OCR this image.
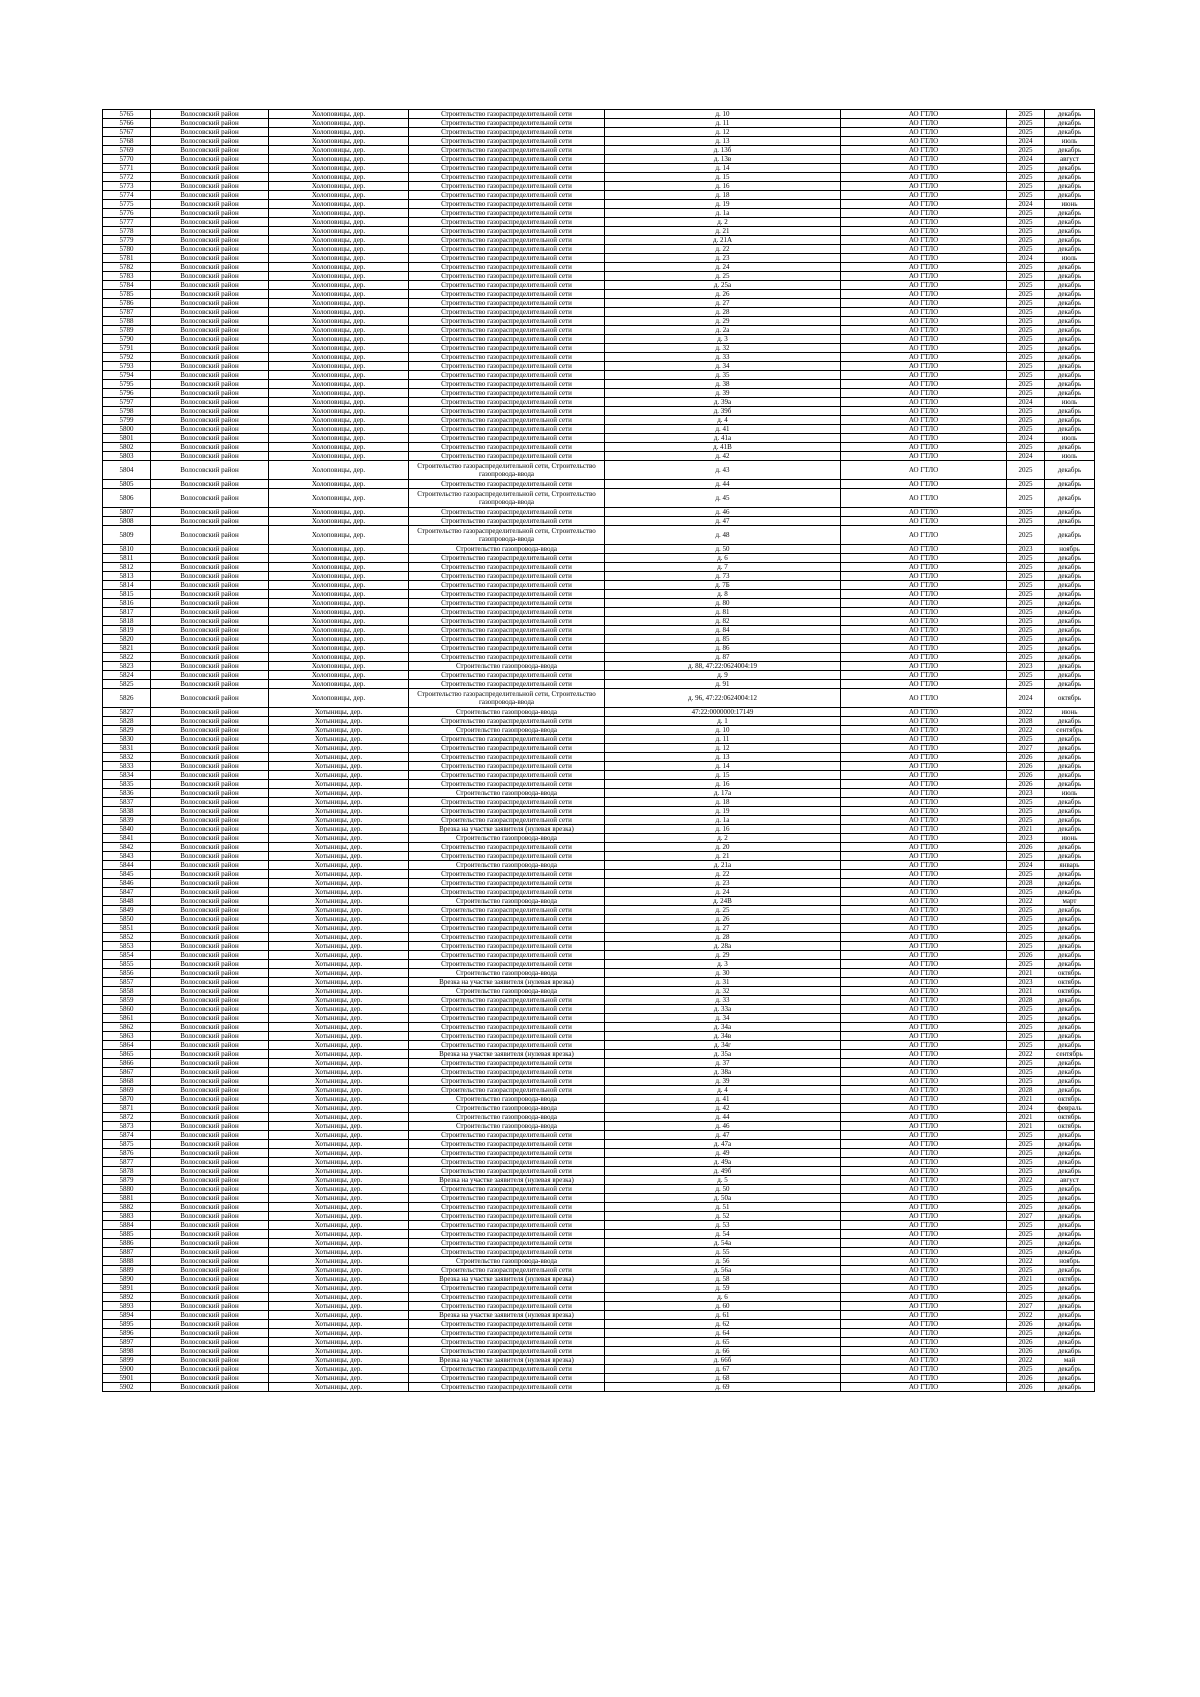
5765	Волосовский район	Холоповицы, дер.	Строительство газораспределительной сети	д. 10	АО ГТЛО	2025	декабрь
5766	Волосовский район	Холоповицы, дер.	Строительство газораспределительной сети	д. 11	АО ГТЛО	2025	декабрь
5767	Волосовский район	Холоповицы, дер.	Строительство газораспределительной сети	д. 12	АО ГТЛО	2025	декабрь
5768	Волосовский район	Холоповицы, дер.	Строительство газораспределительной сети	д. 13	АО ГТЛО	2024	июль
5769	Волосовский район	Холоповицы, дер.	Строительство газораспределительной сети	д. 13б	АО ГТЛО	2025	декабрь
5770	Волосовский район	Холоповицы, дер.	Строительство газораспределительной сети	д. 13в	АО ГТЛО	2024	август
5771	Волосовский район	Холоповицы, дер.	Строительство газораспределительной сети	д. 14	АО ГТЛО	2025	декабрь
5772	Волосовский район	Холоповицы, дер.	Строительство газораспределительной сети	д. 15	АО ГТЛО	2025	декабрь
5773	Волосовский район	Холоповицы, дер.	Строительство газораспределительной сети	д. 16	АО ГТЛО	2025	декабрь
5774	Волосовский район	Холоповицы, дер.	Строительство газораспределительной сети	д. 18	АО ГТЛО	2025	декабрь
5775	Волосовский район	Холоповицы, дер.	Строительство газораспределительной сети	д. 19	АО ГТЛО	2024	июнь
5776	Волосовский район	Холоповицы, дер.	Строительство газораспределительной сети	д. 1а	АО ГТЛО	2025	декабрь
5777	Волосовский район	Холоповицы, дер.	Строительство газораспределительной сети	д. 2	АО ГТЛО	2025	декабрь
5778	Волосовский район	Холоповицы, дер.	Строительство газораспределительной сети	д. 21	АО ГТЛО	2025	декабрь
5779	Волосовский район	Холоповицы, дер.	Строительство газораспределительной сети	д. 21А	АО ГТЛО	2025	декабрь
5780	Волосовский район	Холоповицы, дер.	Строительство газораспределительной сети	д. 22	АО ГТЛО	2025	декабрь
5781	Волосовский район	Холоповицы, дер.	Строительство газораспределительной сети	д. 23	АО ГТЛО	2024	июль
5782	Волосовский район	Холоповицы, дер.	Строительство газораспределительной сети	д. 24	АО ГТЛО	2025	декабрь
5783	Волосовский район	Холоповицы, дер.	Строительство газораспределительной сети	д. 25	АО ГТЛО	2025	декабрь
5784	Волосовский район	Холоповицы, дер.	Строительство газораспределительной сети	д. 25а	АО ГТЛО	2025	декабрь
5785	Волосовский район	Холоповицы, дер.	Строительство газораспределительной сети	д. 26	АО ГТЛО	2025	декабрь
5786	Волосовский район	Холоповицы, дер.	Строительство газораспределительной сети	д. 27	АО ГТЛО	2025	декабрь
5787	Волосовский район	Холоповицы, дер.	Строительство газораспределительной сети	д. 28	АО ГТЛО	2025	декабрь
5788	Волосовский район	Холоповицы, дер.	Строительство газораспределительной сети	д. 29	АО ГТЛО	2025	декабрь
5789	Волосовский район	Холоповицы, дер.	Строительство газораспределительной сети	д. 2а	АО ГТЛО	2025	декабрь
5790	Волосовский район	Холоповицы, дер.	Строительство газораспределительной сети	д. 3	АО ГТЛО	2025	декабрь
5791	Волосовский район	Холоповицы, дер.	Строительство газораспределительной сети	д. 32	АО ГТЛО	2025	декабрь
5792	Волосовский район	Холоповицы, дер.	Строительство газораспределительной сети	д. 33	АО ГТЛО	2025	декабрь
5793	Волосовский район	Холоповицы, дер.	Строительство газораспределительной сети	д. 34	АО ГТЛО	2025	декабрь
5794	Волосовский район	Холоповицы, дер.	Строительство газораспределительной сети	д. 35	АО ГТЛО	2025	декабрь
5795	Волосовский район	Холоповицы, дер.	Строительство газораспределительной сети	д. 38	АО ГТЛО	2025	декабрь
5796	Волосовский район	Холоповицы, дер.	Строительство газораспределительной сети	д. 39	АО ГТЛО	2025	декабрь
5797	Волосовский район	Холоповицы, дер.	Строительство газораспределительной сети	д. 39а	АО ГТЛО	2024	июль
5798	Волосовский район	Холоповицы, дер.	Строительство газораспределительной сети	д. 39б	АО ГТЛО	2025	декабрь
5799	Волосовский район	Холоповицы, дер.	Строительство газораспределительной сети	д. 4	АО ГТЛО	2025	декабрь
5800	Волосовский район	Холоповицы, дер.	Строительство газораспределительной сети	д. 41	АО ГТЛО	2025	декабрь
5801	Волосовский район	Холоповицы, дер.	Строительство газораспределительной сети	д. 41а	АО ГТЛО	2024	июль
5802	Волосовский район	Холоповицы, дер.	Строительство газораспределительной сети	д. 41В	АО ГТЛО	2025	декабрь
5803	Волосовский район	Холоповицы, дер.	Строительство газораспределительной сети	д. 42	АО ГТЛО	2024	июль
5804	Волосовский район	Холоповицы, дер.	Строительство газораспределительной сети, Строительство газопровода-ввода	д. 43	АО ГТЛО	2025	декабрь
5805	Волосовский район	Холоповицы, дер.	Строительство газораспределительной сети	д. 44	АО ГТЛО	2025	декабрь
5806	Волосовский район	Холоповицы, дер.	Строительство газораспределительной сети, Строительство газопровода-ввода	д. 45	АО ГТЛО	2025	декабрь
5807	Волосовский район	Холоповицы, дер.	Строительство газораспределительной сети	д. 46	АО ГТЛО	2025	декабрь
5808	Волосовский район	Холоповицы, дер.	Строительство газораспределительной сети	д. 47	АО ГТЛО	2025	декабрь
5809	Волосовский район	Холоповицы, дер.	Строительство газораспределительной сети, Строительство газопровода-ввода	д. 48	АО ГТЛО	2025	декабрь
5810	Волосовский район	Холоповицы, дер.	Строительство газопровода-ввода	д. 50	АО ГТЛО	2023	ноябрь
5811	Волосовский район	Холоповицы, дер.	Строительство газораспределительной сети	д. 6	АО ГТЛО	2025	декабрь
5812	Волосовский район	Холоповицы, дер.	Строительство газораспределительной сети	д. 7	АО ГТЛО	2025	декабрь
5813	Волосовский район	Холоповицы, дер.	Строительство газораспределительной сети	д. 73	АО ГТЛО	2025	декабрь
5814	Волосовский район	Холоповицы, дер.	Строительство газораспределительной сети	д. 7Б	АО ГТЛО	2025	декабрь
5815	Волосовский район	Холоповицы, дер.	Строительство газораспределительной сети	д. 8	АО ГТЛО	2025	декабрь
5816	Волосовский район	Холоповицы, дер.	Строительство газораспределительной сети	д. 80	АО ГТЛО	2025	декабрь
5817	Волосовский район	Холоповицы, дер.	Строительство газораспределительной сети	д. 81	АО ГТЛО	2025	декабрь
5818	Волосовский район	Холоповицы, дер.	Строительство газораспределительной сети	д. 82	АО ГТЛО	2025	декабрь
5819	Волосовский район	Холоповицы, дер.	Строительство газораспределительной сети	д. 84	АО ГТЛО	2025	декабрь
5820	Волосовский район	Холоповицы, дер.	Строительство газораспределительной сети	д. 85	АО ГТЛО	2025	декабрь
5821	Волосовский район	Холоповицы, дер.	Строительство газораспределительной сети	д. 86	АО ГТЛО	2025	декабрь
5822	Волосовский район	Холоповицы, дер.	Строительство газораспределительной сети	д. 87	АО ГТЛО	2025	декабрь
5823	Волосовский район	Холоповицы, дер.	Строительство газопровода-ввода	д. 88, 47:22:0624004:19	АО ГТЛО	2023	декабрь
5824	Волосовский район	Холоповицы, дер.	Строительство газораспределительной сети	д. 9	АО ГТЛО	2025	декабрь
5825	Волосовский район	Холоповицы, дер.	Строительство газораспределительной сети	д. 91	АО ГТЛО	2025	декабрь
5826	Волосовский район	Холоповицы, дер.	Строительство газораспределительной сети, Строительство газопровода-ввода	д. 96, 47:22:0624004:12	АО ГТЛО	2024	октябрь
5827	Волосовский район	Хотыницы, дер.	Строительство газопровода-ввода	47:22:0000000:17149	АО ГТЛО	2022	июнь
5828	Волосовский район	Хотыницы, дер.	Строительство газораспределительной сети	д. 1	АО ГТЛО	2028	декабрь
5829	Волосовский район	Хотыницы, дер.	Строительство газопровода-ввода	д. 10	АО ГТЛО	2022	сентябрь
5830	Волосовский район	Хотыницы, дер.	Строительство газораспределительной сети	д. 11	АО ГТЛО	2025	декабрь
5831	Волосовский район	Хотыницы, дер.	Строительство газораспределительной сети	д. 12	АО ГТЛО	2027	декабрь
5832	Волосовский район	Хотыницы, дер.	Строительство газораспределительной сети	д. 13	АО ГТЛО	2026	декабрь
5833	Волосовский район	Хотыницы, дер.	Строительство газораспределительной сети	д. 14	АО ГТЛО	2026	декабрь
5834	Волосовский район	Хотыницы, дер.	Строительство газораспределительной сети	д. 15	АО ГТЛО	2026	декабрь
5835	Волосовский район	Хотыницы, дер.	Строительство газораспределительной сети	д. 16	АО ГТЛО	2026	декабрь
5836	Волосовский район	Хотыницы, дер.	Строительство газопровода-ввода	д. 17а	АО ГТЛО	2023	июль
5837	Волосовский район	Хотыницы, дер.	Строительство газораспределительной сети	д. 18	АО ГТЛО	2025	декабрь
5838	Волосовский район	Хотыницы, дер.	Строительство газораспределительной сети	д. 19	АО ГТЛО	2025	декабрь
5839	Волосовский район	Хотыницы, дер.	Строительство газораспределительной сети	д. 1а	АО ГТЛО	2025	декабрь
5840	Волосовский район	Хотыницы, дер.	Врезка на участке заявителя (нулевая врезка)	д. 16	АО ГТЛО	2021	декабрь
5841	Волосовский район	Хотыницы, дер.	Строительство газопровода-ввода	д. 2	АО ГТЛО	2023	июнь
5842	Волосовский район	Хотыницы, дер.	Строительство газораспределительной сети	д. 20	АО ГТЛО	2026	декабрь
5843	Волосовский район	Хотыницы, дер.	Строительство газораспределительной сети	д. 21	АО ГТЛО	2025	декабрь
5844	Волосовский район	Хотыницы, дер.	Строительство газопровода-ввода	д. 21а	АО ГТЛО	2024	январь
5845	Волосовский район	Хотыницы, дер.	Строительство газораспределительной сети	д. 22	АО ГТЛО	2025	декабрь
5846	Волосовский район	Хотыницы, дер.	Строительство газораспределительной сети	д. 23	АО ГТЛО	2028	декабрь
5847	Волосовский район	Хотыницы, дер.	Строительство газораспределительной сети	д. 24	АО ГТЛО	2025	декабрь
5848	Волосовский район	Хотыницы, дер.	Строительство газопровода-ввода	д. 24В	АО ГТЛО	2022	март
5849	Волосовский район	Хотыницы, дер.	Строительство газораспределительной сети	д. 25	АО ГТЛО	2025	декабрь
5850	Волосовский район	Хотыницы, дер.	Строительство газораспределительной сети	д. 26	АО ГТЛО	2025	декабрь
5851	Волосовский район	Хотыницы, дер.	Строительство газораспределительной сети	д. 27	АО ГТЛО	2025	декабрь
5852	Волосовский район	Хотыницы, дер.	Строительство газораспределительной сети	д. 28	АО ГТЛО	2025	декабрь
5853	Волосовский район	Хотыницы, дер.	Строительство газораспределительной сети	д. 28а	АО ГТЛО	2025	декабрь
5854	Волосовский район	Хотыницы, дер.	Строительство газораспределительной сети	д. 29	АО ГТЛО	2026	декабрь
5855	Волосовский район	Хотыницы, дер.	Строительство газораспределительной сети	д. 3	АО ГТЛО	2025	декабрь
5856	Волосовский район	Хотыницы, дер.	Строительство газопровода-ввода	д. 30	АО ГТЛО	2021	октябрь
5857	Волосовский район	Хотыницы, дер.	Врезка на участке заявителя (нулевая врезка)	д. 31	АО ГТЛО	2023	октябрь
5858	Волосовский район	Хотыницы, дер.	Строительство газопровода-ввода	д. 32	АО ГТЛО	2021	октябрь
5859	Волосовский район	Хотыницы, дер.	Строительство газораспределительной сети	д. 33	АО ГТЛО	2028	декабрь
5860	Волосовский район	Хотыницы, дер.	Строительство газораспределительной сети	д. 33а	АО ГТЛО	2025	декабрь
5861	Волосовский район	Хотыницы, дер.	Строительство газораспределительной сети	д. 34	АО ГТЛО	2025	декабрь
5862	Волосовский район	Хотыницы, дер.	Строительство газораспределительной сети	д. 34а	АО ГТЛО	2025	декабрь
5863	Волосовский район	Хотыницы, дер.	Строительство газораспределительной сети	д. 34в	АО ГТЛО	2025	декабрь
5864	Волосовский район	Хотыницы, дер.	Строительство газораспределительной сети	д. 34г	АО ГТЛО	2025	декабрь
5865	Волосовский район	Хотыницы, дер.	Врезка на участке заявителя (нулевая врезка)	д. 35а	АО ГТЛО	2022	сентябрь
5866	Волосовский район	Хотыницы, дер.	Строительство газораспределительной сети	д. 37	АО ГТЛО	2025	декабрь
5867	Волосовский район	Хотыницы, дер.	Строительство газораспределительной сети	д. 38а	АО ГТЛО	2025	декабрь
5868	Волосовский район	Хотыницы, дер.	Строительство газораспределительной сети	д. 39	АО ГТЛО	2025	декабрь
5869	Волосовский район	Хотыницы, дер.	Строительство газораспределительной сети	д. 4	АО ГТЛО	2028	декабрь
5870	Волосовский район	Хотыницы, дер.	Строительство газопровода-ввода	д. 41	АО ГТЛО	2021	октябрь
5871	Волосовский район	Хотыницы, дер.	Строительство газопровода-ввода	д. 42	АО ГТЛО	2024	февраль
5872	Волосовский район	Хотыницы, дер.	Строительство газопровода-ввода	д. 44	АО ГТЛО	2021	октябрь
5873	Волосовский район	Хотыницы, дер.	Строительство газопровода-ввода	д. 46	АО ГТЛО	2021	октябрь
5874	Волосовский район	Хотыницы, дер.	Строительство газораспределительной сети	д. 47	АО ГТЛО	2025	декабрь
5875	Волосовский район	Хотыницы, дер.	Строительство газораспределительной сети	д. 47а	АО ГТЛО	2025	декабрь
5876	Волосовский район	Хотыницы, дер.	Строительство газораспределительной сети	д. 49	АО ГТЛО	2025	декабрь
5877	Волосовский район	Хотыницы, дер.	Строительство газораспределительной сети	д. 49а	АО ГТЛО	2025	декабрь
5878	Волосовский район	Хотыницы, дер.	Строительство газораспределительной сети	д. 49б	АО ГТЛО	2025	декабрь
5879	Волосовский район	Хотыницы, дер.	Врезка на участке заявителя (нулевая врезка)	д. 5	АО ГТЛО	2022	август
5880	Волосовский район	Хотыницы, дер.	Строительство газораспределительной сети	д. 50	АО ГТЛО	2025	декабрь
5881	Волосовский район	Хотыницы, дер.	Строительство газораспределительной сети	д. 50а	АО ГТЛО	2025	декабрь
5882	Волосовский район	Хотыницы, дер.	Строительство газораспределительной сети	д. 51	АО ГТЛО	2025	декабрь
5883	Волосовский район	Хотыницы, дер.	Строительство газораспределительной сети	д. 52	АО ГТЛО	2027	декабрь
5884	Волосовский район	Хотыницы, дер.	Строительство газораспределительной сети	д. 53	АО ГТЛО	2025	декабрь
5885	Волосовский район	Хотыницы, дер.	Строительство газораспределительной сети	д. 54	АО ГТЛО	2025	декабрь
5886	Волосовский район	Хотыницы, дер.	Строительство газораспределительной сети	д. 54а	АО ГТЛО	2025	декабрь
5887	Волосовский район	Хотыницы, дер.	Строительство газораспределительной сети	д. 55	АО ГТЛО	2025	декабрь
5888	Волосовский район	Хотыницы, дер.	Строительство газопровода-ввода	д. 56	АО ГТЛО	2022	ноябрь
5889	Волосовский район	Хотыницы, дер.	Строительство газораспределительной сети	д. 56а	АО ГТЛО	2025	декабрь
5890	Волосовский район	Хотыницы, дер.	Врезка на участке заявителя (нулевая врезка)	д. 58	АО ГТЛО	2021	октябрь
5891	Волосовский район	Хотыницы, дер.	Строительство газораспределительной сети	д. 59	АО ГТЛО	2025	декабрь
5892	Волосовский район	Хотыницы, дер.	Строительство газораспределительной сети	д. 6	АО ГТЛО	2025	декабрь
5893	Волосовский район	Хотыницы, дер.	Строительство газораспределительной сети	д. 60	АО ГТЛО	2027	декабрь
5894	Волосовский район	Хотыницы, дер.	Врезка на участке заявителя (нулевая врезка)	д. 61	АО ГТЛО	2022	декабрь
5895	Волосовский район	Хотыницы, дер.	Строительство газораспределительной сети	д. 62	АО ГТЛО	2026	декабрь
5896	Волосовский район	Хотыницы, дер.	Строительство газораспределительной сети	д. 64	АО ГТЛО	2025	декабрь
5897	Волосовский район	Хотыницы, дер.	Строительство газораспределительной сети	д. 65	АО ГТЛО	2026	декабрь
5898	Волосовский район	Хотыницы, дер.	Строительство газораспределительной сети	д. 66	АО ГТЛО	2026	декабрь
5899	Волосовский район	Хотыницы, дер.	Врезка на участке заявителя (нулевая врезка)	д. 66б	АО ГТЛО	2022	май
5900	Волосовский район	Хотыницы, дер.	Строительство газораспределительной сети	д. 67	АО ГТЛО	2025	декабрь
5901	Волосовский район	Хотыницы, дер.	Строительство газораспределительной сети	д. 68	АО ГТЛО	2026	декабрь
5902	Волосовский район	Хотыницы, дер.	Строительство газораспределительной сети	д. 69	АО ГТЛО	2026	декабрь
